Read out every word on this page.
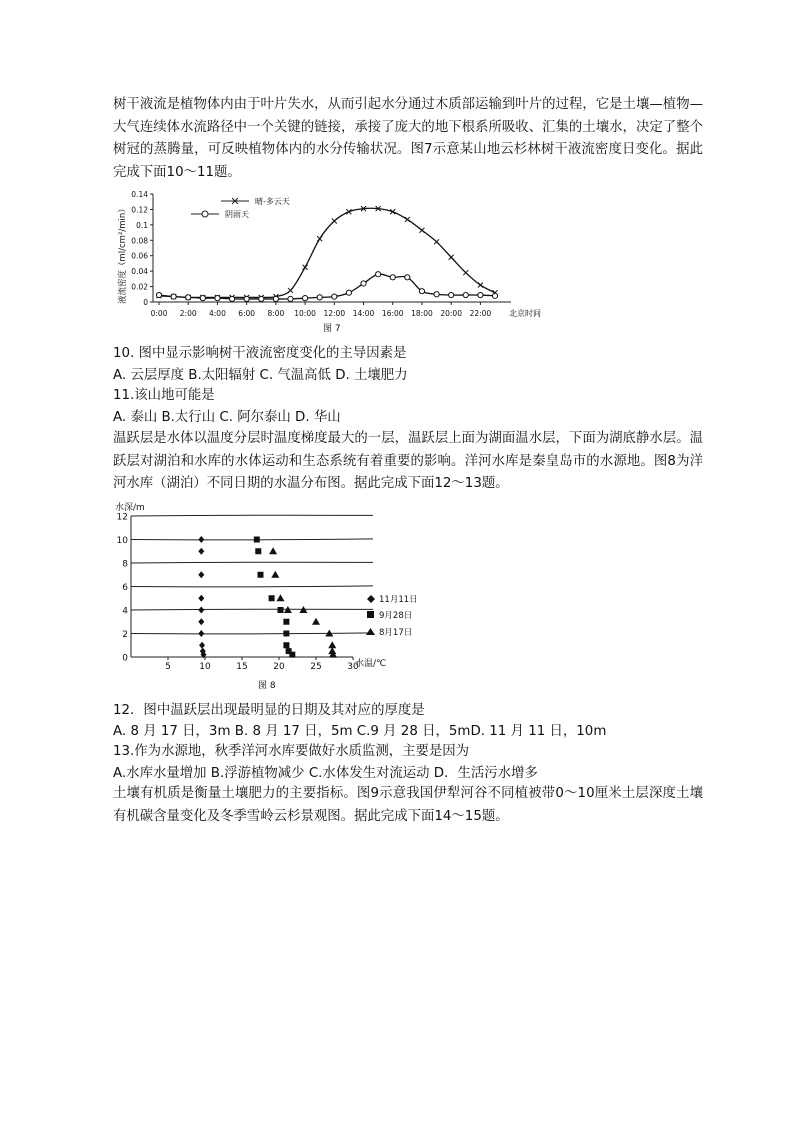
树干液流是植物体内由于叶片失水，从而引起水分通过木质部运输到叶片的过程，它是土壤—植物—大气连续体水流路径中一个关键的链接，承接了庞大的地下根系所吸收、汇集的土壤水，决定了整个树冠的蒸腾量，可反映植物体内的水分传输状况。图7示意某山地云杉林树干液流密度日变化。据此完成下面10～11题。

0
0.02
0.04
0.06
0.08
0.1
0.12
0.14
0:00 2:00 4:00 6:00 8:00 10:00 12:00 14:00 16:00 18:00 20:00 22:00
液流密度（ml/cm²/min）
北京时间
图 7
晴-多云天
阴雨天

10. 图中显示影响树干液流密度变化的主导因素是

A. 云层厚度 B.太阳辐射 C. 气温高低 D. 土壤肥力

11.该山地可能是

A. 泰山 B.太行山 C. 阿尔泰山 D. 华山

温跃层是水体以温度分层时温度梯度最大的一层，温跃层上面为湖面温水层，下面为湖底静水层。温跃层对湖泊和水库的水体运动和生态系统有着重要的影响。洋河水库是秦皇岛市的水源地。图8为洋河水库（湖泊）不同日期的水温分布图。据此完成下面12～13题。

0
2
4
6
8
10
12
5	10	15	20	25	30
水深/m
水温/℃
图 8
11月11日
9月28日
8月17日

12．图中温跃层出现最明显的日期及其对应的厚度是

A. 8 月 17 日，3m B. 8 月 17 日，5m C.9 月 28 日，5mD. 11 月 11 日，10m

13.作为水源地，秋季洋河水库要做好水质监测，主要是因为

A.水库水量增加 B.浮游植物减少 C.水体发生对流运动 D．生活污水增多

土壤有机质是衡量土壤肥力的主要指标。图9示意我国伊犁河谷不同植被带0～10厘米土层深度土壤有机碳含量变化及冬季雪岭云杉景观图。据此完成下面14～15题。
